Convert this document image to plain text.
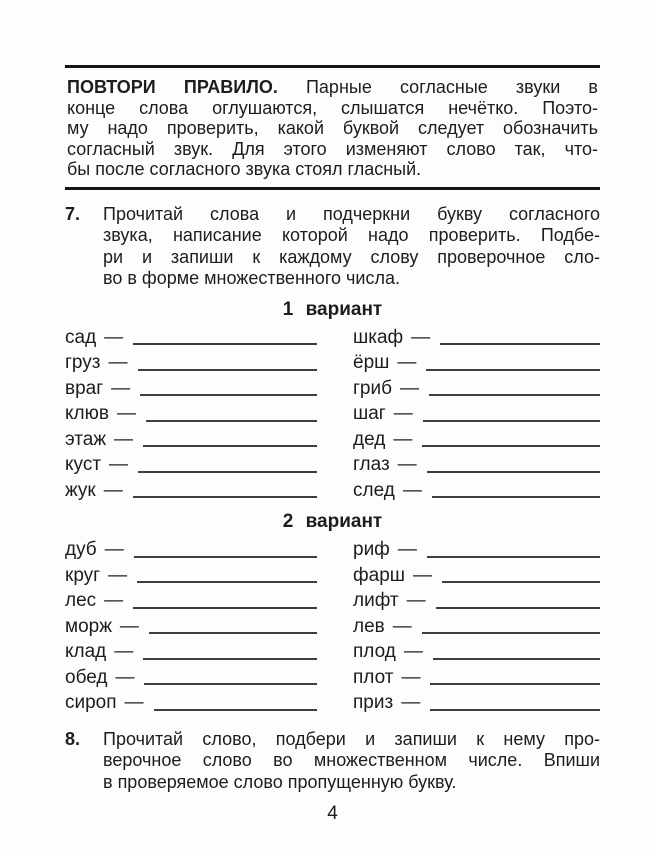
ПОВТОРИ ПРАВИЛО. Парные согласные звуки в

конце слова оглушаются, слышатся нечётко. Поэто-

му надо проверить, какой буквой следует обозначить

согласный звук. Для этого изменяют слово так, что-

бы после согласного звука стоял гласный.

7. Прочитай слова и подчеркни букву согласного

звука, написание которой надо проверить. Подбе-

ри и запиши к каждому слову проверочное сло-

во в форме множественного числа.

1 вариант
сад —
груз —
враг —
клюв —
этаж —
куст —
жук —
шкаф —
ёрш —
гриб —
шаг —
дед —
глаз —
след —
2 вариант
дуб —
круг —
лес —
морж —
клад —
обед —
сироп —
риф —
фарш —
лифт —
лев —
плод —
плот —
приз —
8. Прочитай слово, подбери и запиши к нему про-

верочное слово во множественном числе. Впиши

в проверяемое слово пропущенную букву.

4
